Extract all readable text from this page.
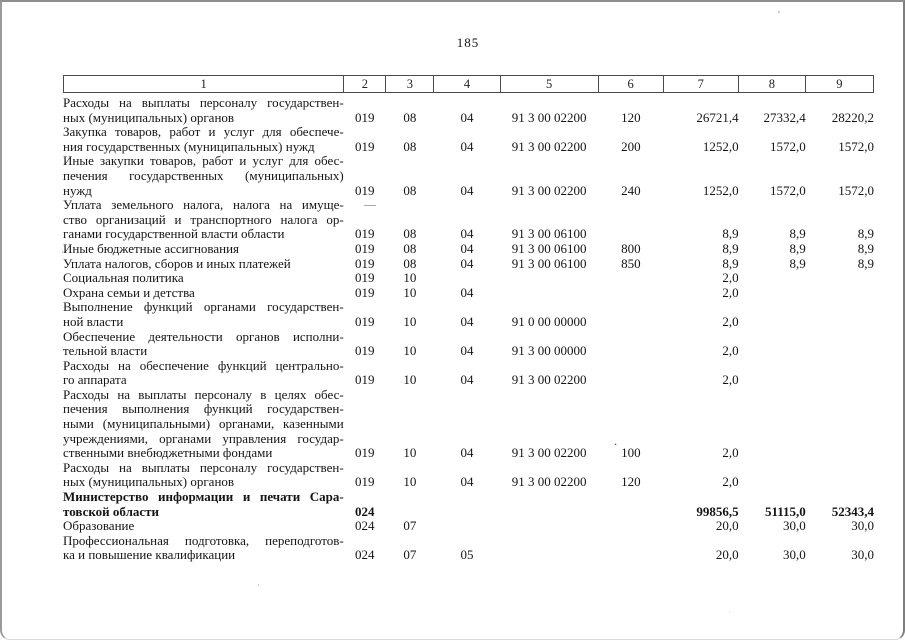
185
1	2	3	4	5	6	7	8	9
Расходы на выплаты персоналу государствен-
ных (муниципальных) органов	019	08	04	91 3 00 02200	120	26721,4	27332,4	28220,2

Закупка товаров, работ и услуг для обеспече-
ния государственных (муниципальных) нужд	019	08	04	91 3 00 02200	200	1252,0	1572,0	1572,0

Иные закупки товаров, работ и услуг для обес-
печения государственных (муниципальных)
нужд	019	08	04	91 3 00 02200	240	1252,0	1572,0	1572,0

Уплата земельного налога, налога на имуще-
ство организаций и транспортного налога ор-
ганами государственной власти области	019	08	04	91 3 00 06100		8,9	8,9	8,9

Иные бюджетные ассигнования	019	08	04	91 3 00 06100	800	8,9	8,9	8,9

Уплата налогов, сборов и иных платежей	019	08	04	91 3 00 06100	850	8,9	8,9	8,9

Социальная политика	019	10				2,0		

Охрана семьи и детства	019	10	04			2,0		

Выполнение функций органами государствен-
ной власти	019	10	04	91 0 00 00000		2,0		

Обеспечение деятельности органов исполни-
тельной власти	019	10	04	91 3 00 00000		2,0		

Расходы на обеспечение функций центрально-
го аппарата	019	10	04	91 3 00 02200		2,0		

Расходы на выплаты персоналу в целях обес-
печения выполнения функций государствен-
ными (муниципальными) органами, казенными
учреждениями, органами управления государ-
ственными внебюджетными фондами	019	10	04	91 3 00 02200	100	2,0		

Расходы на выплаты персоналу государствен-
ных (муниципальных) органов	019	10	04	91 3 00 02200	120	2,0		

Министерство информации и печати Сара-
товской области	024					99856,5	51115,0	52343,4

Образование	024	07				20,0	30,0	30,0

Профессиональная подготовка, переподготов-
ка и повышение квалификации	024	07	05			20,0	30,0	30,0
—
.
'
·
·
·
